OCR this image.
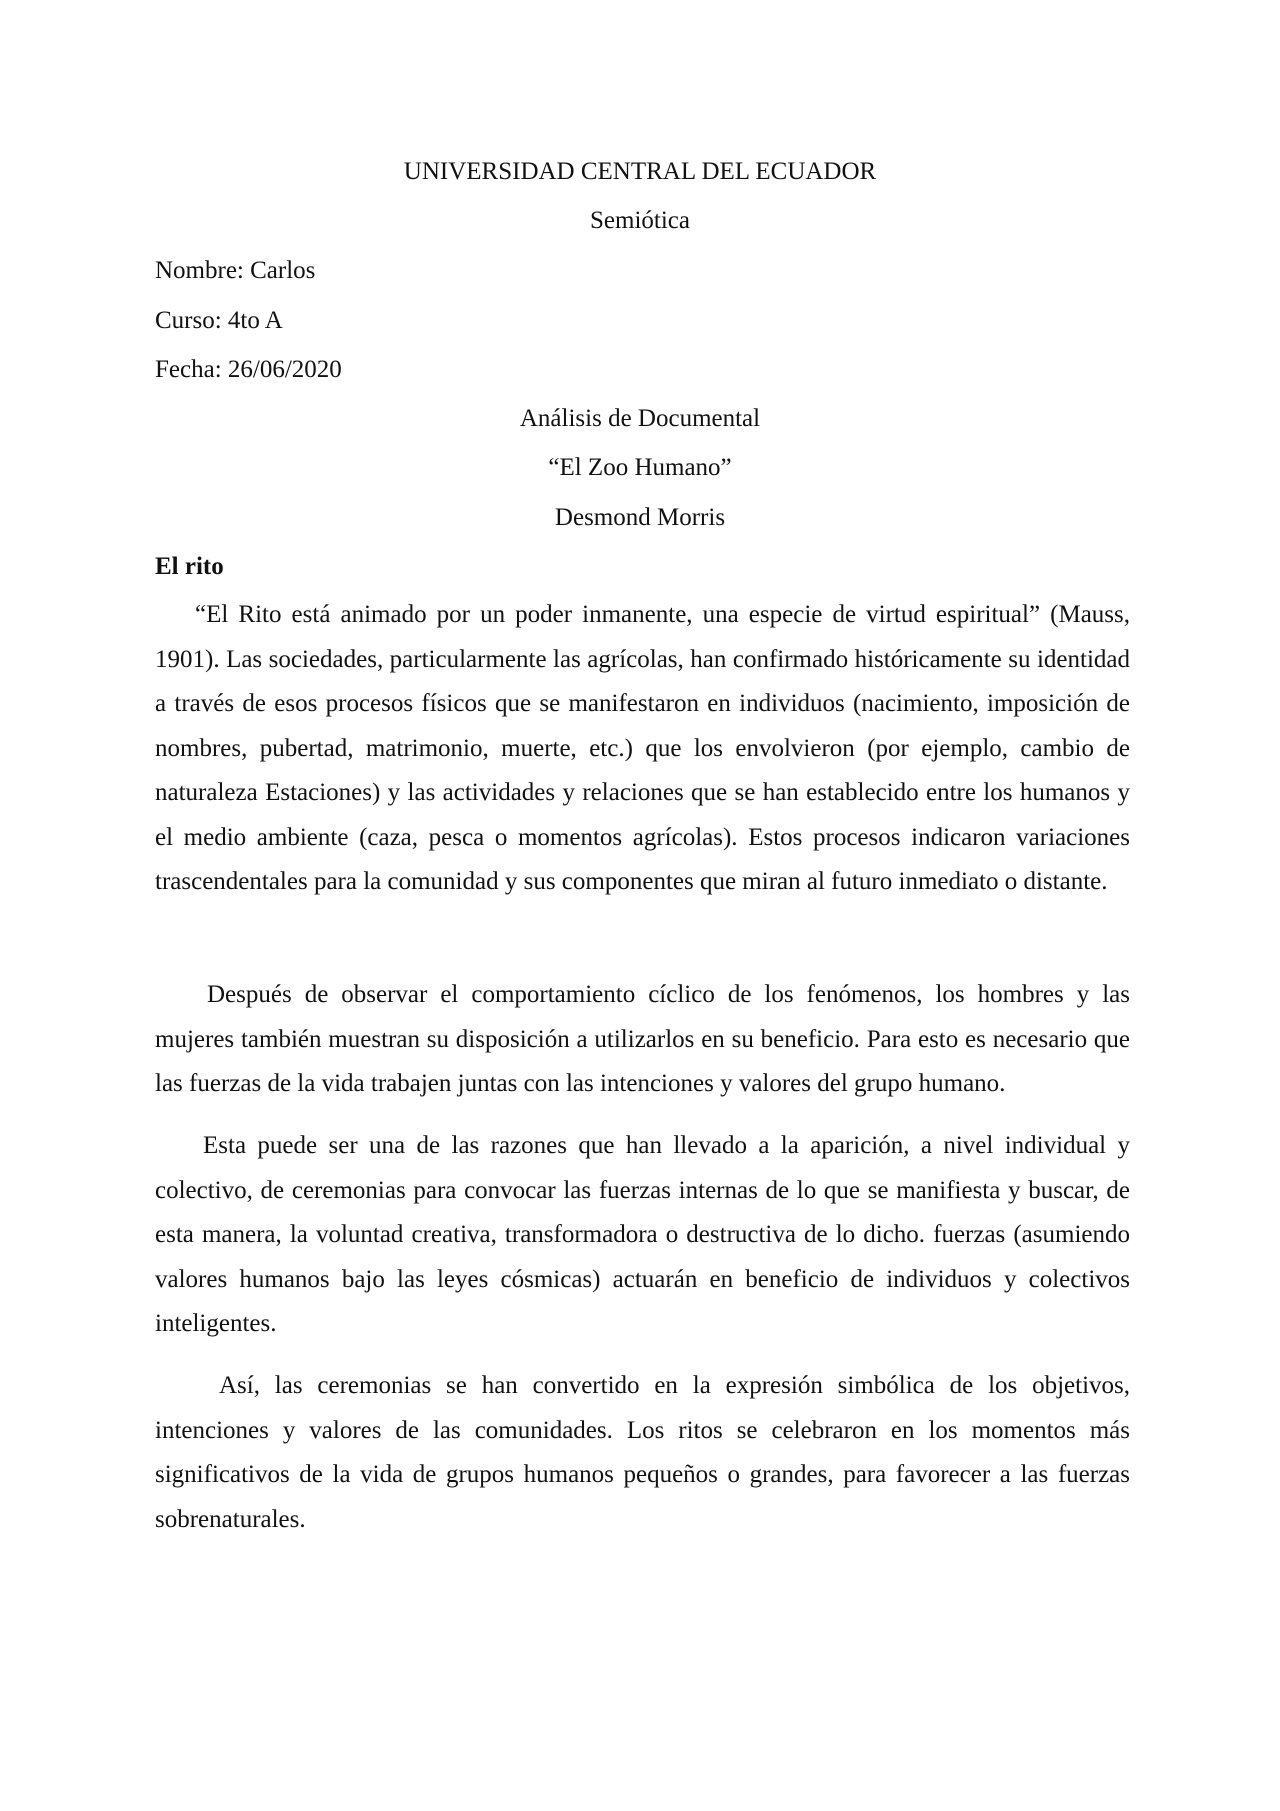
UNIVERSIDAD CENTRAL DEL ECUADOR

Semiótica

Nombre: Carlos

Curso: 4to A

Fecha: 26/06/2020

Análisis de Documental

“El Zoo Humano”

Desmond Morris

El rito

“El Rito está animado por un poder inmanente, una especie de virtud espiritual” (Mauss, 1901). Las sociedades, particularmente las agrícolas, han confirmado históricamente su identidad a través de esos procesos físicos que se manifestaron en individuos (nacimiento, imposición de nombres, pubertad, matrimonio, muerte, etc.) que los envolvieron (por ejemplo, cambio de naturaleza Estaciones) y las actividades y relaciones que se han establecido entre los humanos y el medio ambiente (caza, pesca o momentos agrícolas). Estos procesos indicaron variaciones trascendentales para la comunidad y sus componentes que miran al futuro inmediato o distante.

Después de observar el comportamiento cíclico de los fenómenos, los hombres y las mujeres también muestran su disposición a utilizarlos en su beneficio. Para esto es necesario que las fuerzas de la vida trabajen juntas con las intenciones y valores del grupo humano.

Esta puede ser una de las razones que han llevado a la aparición, a nivel individual y colectivo, de ceremonias para convocar las fuerzas internas de lo que se manifiesta y buscar, de esta manera, la voluntad creativa, transformadora o destructiva de lo dicho. fuerzas (asumiendo valores humanos bajo las leyes cósmicas) actuarán en beneficio de individuos y colectivos inteligentes.

Así, las ceremonias se han convertido en la expresión simbólica de los objetivos, intenciones y valores de las comunidades. Los ritos se celebraron en los momentos más significativos de la vida de grupos humanos pequeños o grandes, para favorecer a las fuerzas sobrenaturales.
